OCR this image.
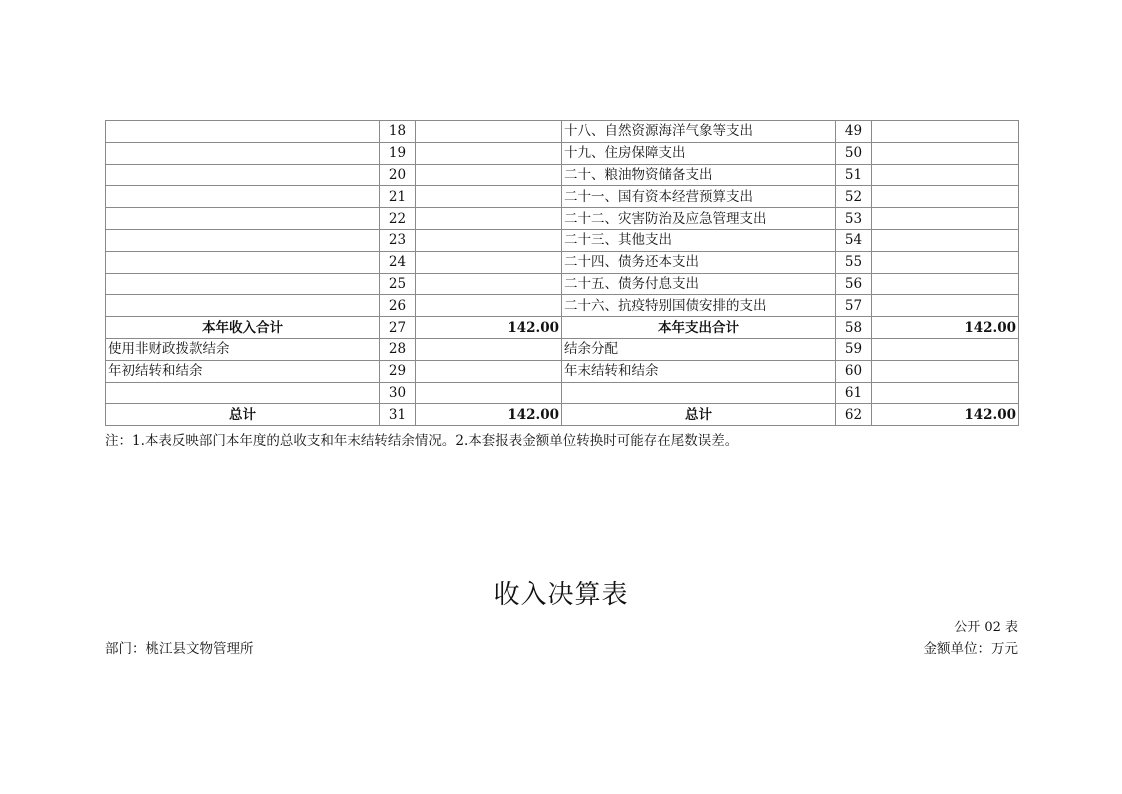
	18		十八、自然资源海洋气象等支出	49	
	19		十九、住房保障支出	50	
	20		二十、粮油物资储备支出	51	
	21		二十一、国有资本经营预算支出	52	
	22		二十二、灾害防治及应急管理支出	53	
	23		二十三、其他支出	54	
	24		二十四、债务还本支出	55	
	25		二十五、债务付息支出	56	
	26		二十六、抗疫特别国债安排的支出	57	
本年收入合计	27	142.00	本年支出合计	58	142.00
使用非财政拨款结余	28		结余分配	59	
年初结转和结余	29		年末结转和结余	60	
	30			61	
总计	31	142.00	总计	62	142.00
注：1.本表反映部门本年度的总收支和年末结转结余情况。2.本套报表金额单位转换时可能存在尾数误差。
收入决算表
公开 02 表
部门：桃江县文物管理所	金额单位：万元
